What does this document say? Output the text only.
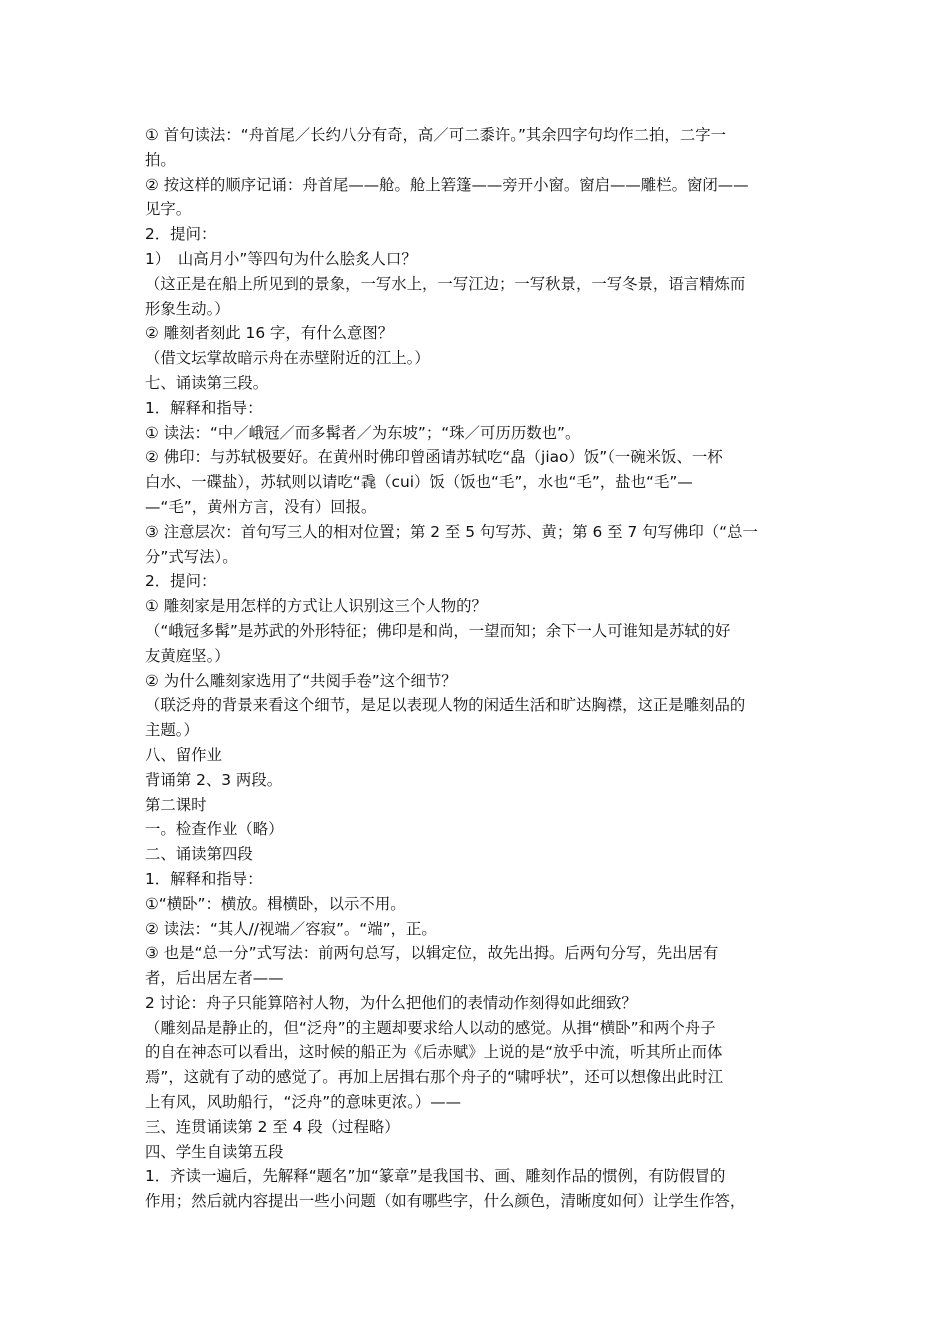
① 首句读法：“舟首尾／长约八分有奇，高／可二黍许。”其余四字句均作二拍，二字一
拍。
② 按这样的顺序记诵：舟首尾——舱。舱上箬篷——旁开小窗。窗启——雕栏。窗闭——
见字。
2．提问：
1）　山高月小”等四句为什么脍炙人口？
（这正是在船上所见到的景象，一写水上，一写江边；一写秋景，一写冬景，语言精炼而
形象生动。）
② 雕刻者刻此 16 字，有什么意图？
（借文坛掌故暗示舟在赤壁附近的江上。）
七、诵读第三段。
1．解释和指导：
① 读法：“中／峨冠／而多髯者／为东坡”；“珠／可历历数也”。
② 佛印：与苏轼极要好。在黄州时佛印曾函请苏轼吃“皛（jiao）饭”（一碗米饭、一杯
白水、一碟盐），苏轼则以请吃“毳（cui）饭（饭也“毛”，水也“毛”，盐也“毛”—
—“毛”，黄州方言，没有）回报。
③ 注意层次：首句写三人的相对位置；第 2 至 5 句写苏、黄；第 6 至 7 句写佛印（“总一
分”式写法）。
2．提问：
① 雕刻家是用怎样的方式让人识别这三个人物的？
（“峨冠多髯”是苏武的外形特征；佛印是和尚，一望而知；余下一人可谁知是苏轼的好
友黄庭坚。）
② 为什么雕刻家选用了“共阅手卷”这个细节？
（联泛舟的背景来看这个细节，是足以表现人物的闲适生活和旷达胸襟，这正是雕刻品的
主题。）
八、留作业
背诵第 2、3 两段。
第二课时
一。检查作业（略）
二、诵读第四段
1．解释和指导：
①“横卧”：横放。楫横卧，以示不用。
② 读法：“其人//视端／容寂”。“端”，正。
③ 也是“总一分”式写法：前两句总写，以辑定位，故先出拇。后两句分写，先出居有
者，后出居左者——
2 讨论：舟子只能算陪衬人物，为什么把他们的表情动作刻得如此细致？
（雕刻品是静止的，但“泛舟”的主题却要求给人以动的感觉。从揖“横卧”和两个舟子
的自在神态可以看出，这时候的船正为《后赤赋》上说的是“放乎中流，听其所止而体
焉”，这就有了动的感觉了。再加上居揖右那个舟子的“啸呼状”，还可以想像出此时江
上有风，风助船行，“泛舟”的意味更浓。）——
三、连贯诵读第 2 至 4 段（过程略）
四、学生自读第五段
1．齐读一遍后，先解释“题名”加“篆章”是我国书、画、雕刻作品的惯例，有防假冒的
作用；然后就内容提出一些小问题（如有哪些字，什么颜色，清晰度如何）让学生作答，
